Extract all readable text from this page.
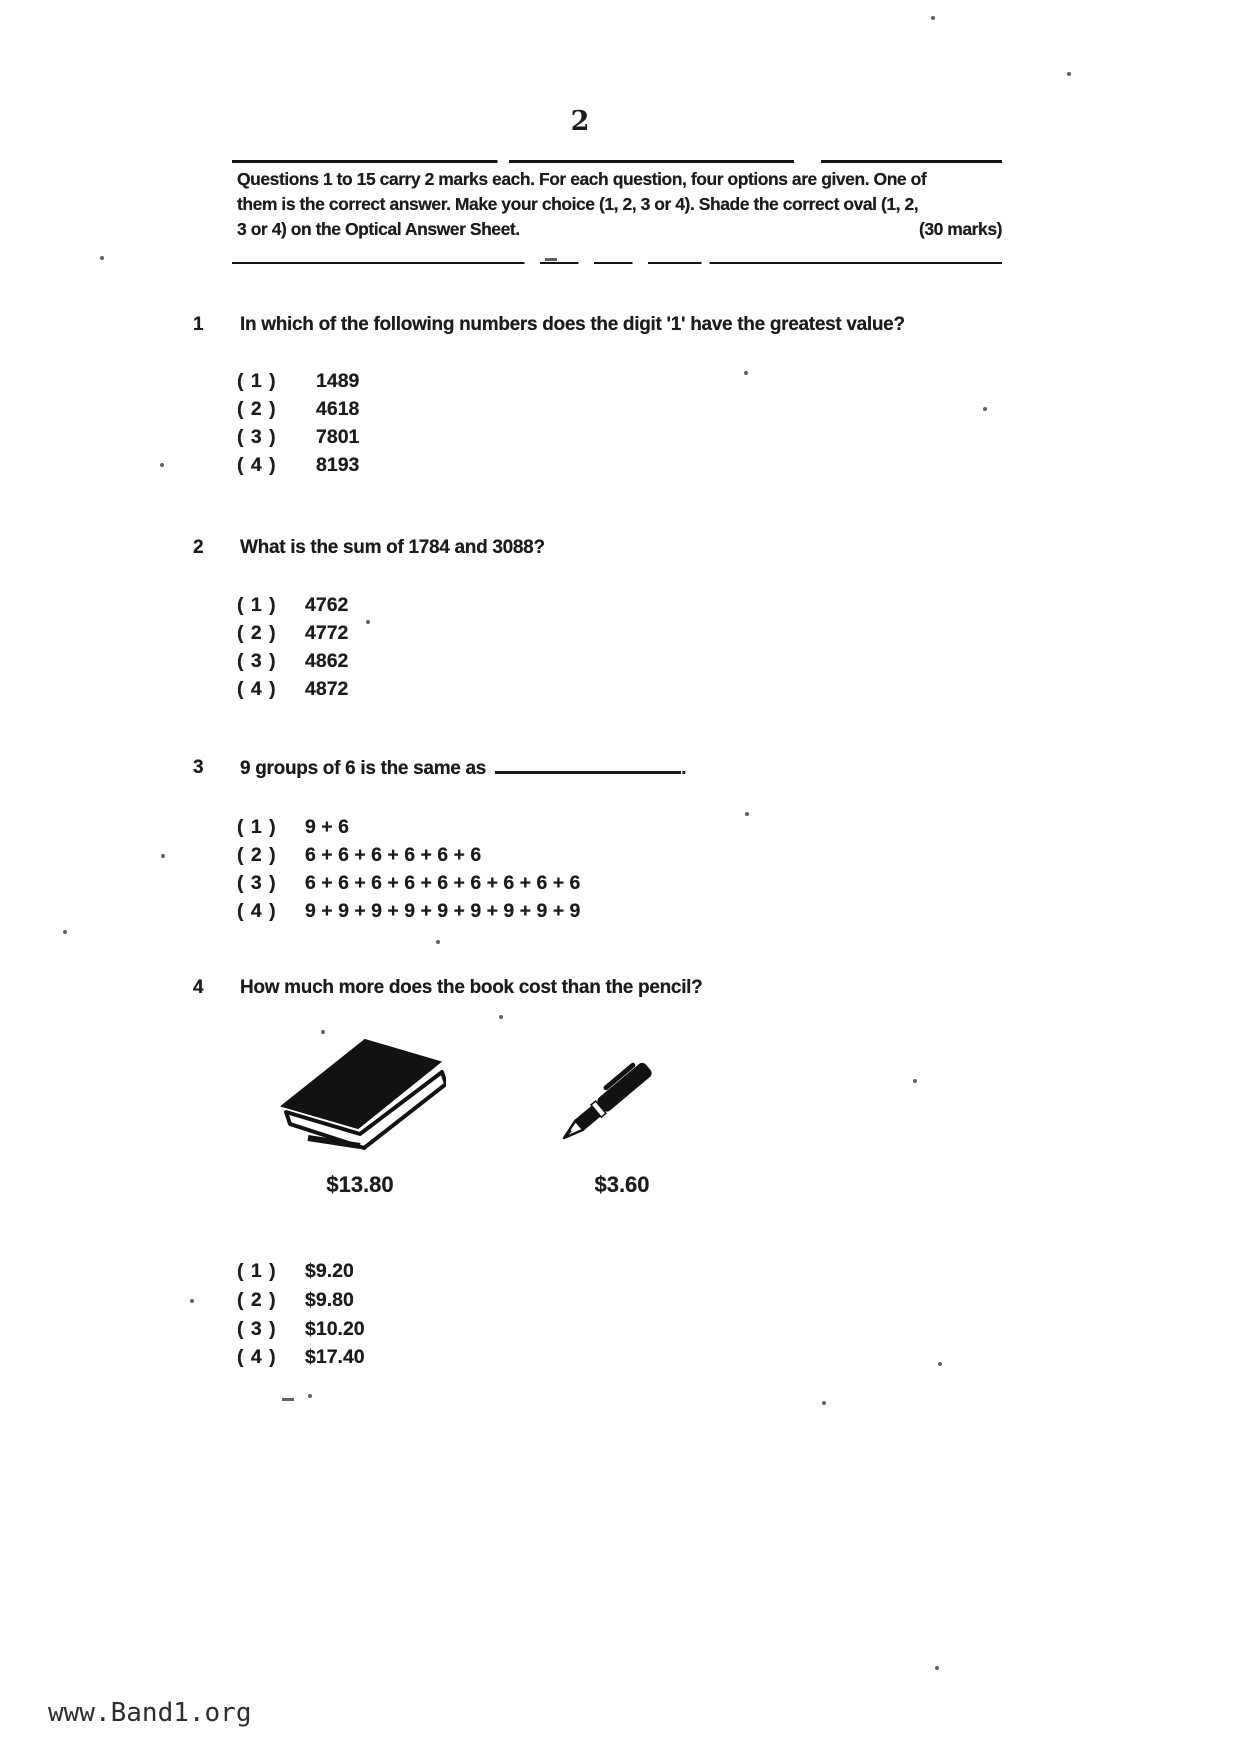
2
Questions 1 to 15 carry 2 marks each. For each question, four options are given. One of
them is the correct answer. Make your choice (1, 2, 3 or 4). Shade the correct oval (1, 2,
3 or 4) on the Optical Answer Sheet.	(30 marks)
1	In which of the following numbers does the digit '1' have the greatest value?
( 1 ) 1489
( 2 ) 4618
( 3 ) 7801
( 4 ) 8193
2	What is the sum of 1784 and 3088?
( 1 ) 4762
( 2 ) 4772
( 3 ) 4862
( 4 ) 4872
3	9 groups of 6 is the same as	.
( 1 ) 9 + 6
( 2 ) 6 + 6 + 6 + 6 + 6 + 6
( 3 ) 6 + 6 + 6 + 6 + 6 + 6 + 6 + 6 + 6
( 4 ) 9 + 9 + 9 + 9 + 9 + 9 + 9 + 9 + 9
4	How much more does the book cost than the pencil?
$13.80	$3.60
( 1 ) $9.20
( 2 ) $9.80
( 3 ) $10.20
( 4 ) $17.40
www.Band1.org
